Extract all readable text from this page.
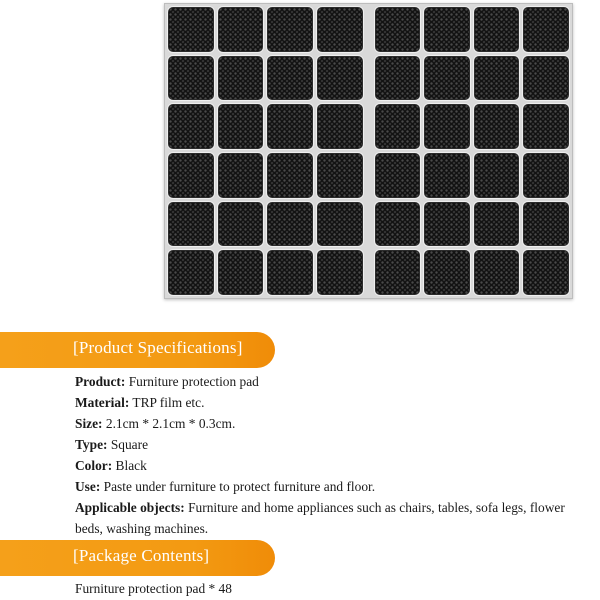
[Product Specifications]
Product: Furniture protection pad
Material: TRP film etc.
Size: 2.1cm * 2.1cm * 0.3cm.
Type: Square
Color: Black
Use: Paste under furniture to protect furniture and floor.
Applicable objects: Furniture and home appliances such as chairs, tables, sofa legs, flower beds, washing machines.
[Package Contents]
Furniture protection pad * 48
